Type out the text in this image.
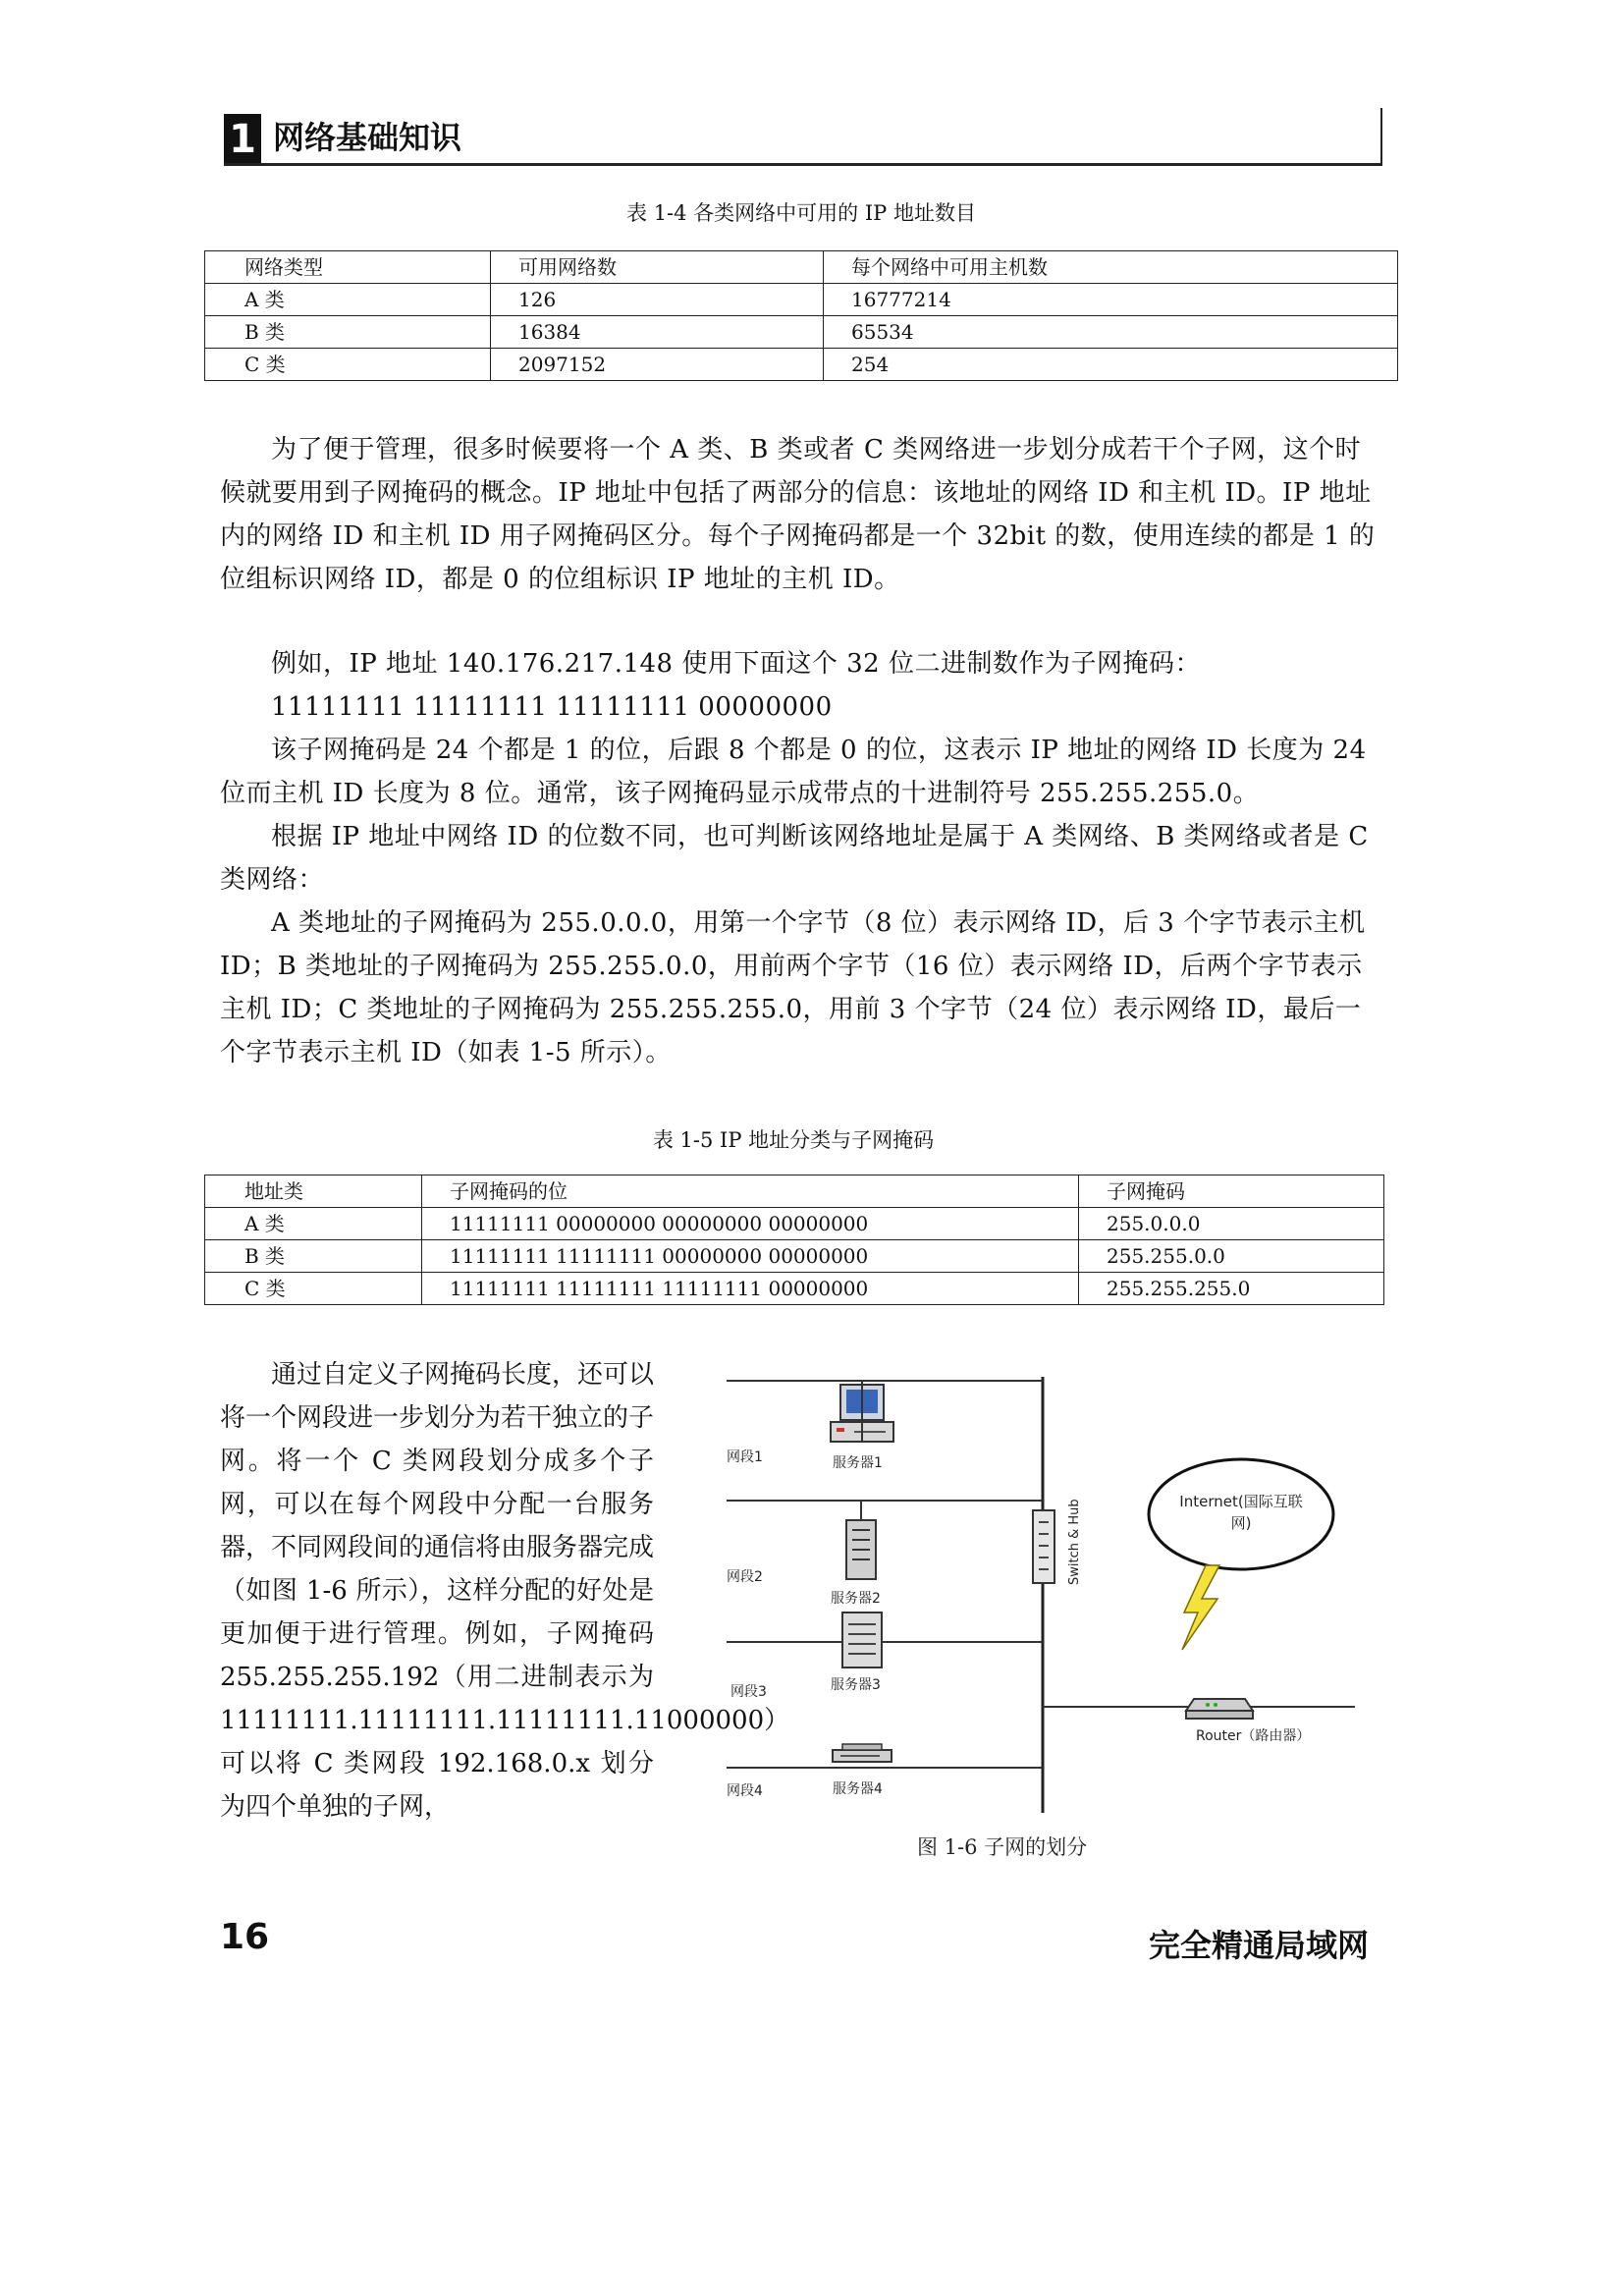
1 网络基础知识
表 1-4 各类网络中可用的 IP 地址数目
网络类型	可用网络数	每个网络中可用主机数
A 类	126	16777214
B 类	16384	65534
C 类	2097152	254

为了便于管理，很多时候要将一个 A 类、B 类或者 C 类网络进一步划分成若干个子网，这个时候就要用到子网掩码的概念。IP 地址中包括了两部分的信息：该地址的网络 ID 和主机 ID。IP 地址内的网络 ID 和主机 ID 用子网掩码区分。每个子网掩码都是一个 32bit 的数，使用连续的都是 1 的位组标识网络 ID，都是 0 的位组标识 IP 地址的主机 ID。

例如，IP 地址 140.176.217.148 使用下面这个 32 位二进制数作为子网掩码：

11111111 11111111 11111111 00000000

该子网掩码是 24 个都是 1 的位，后跟 8 个都是 0 的位，这表示 IP 地址的网络 ID 长度为 24 位而主机 ID 长度为 8 位。通常，该子网掩码显示成带点的十进制符号 255.255.255.0。

根据 IP 地址中网络 ID 的位数不同，也可判断该网络地址是属于 A 类网络、B 类网络或者是 C 类网络：

A 类地址的子网掩码为 255.0.0.0，用第一个字节（8 位）表示网络 ID，后 3 个字节表示主机 ID；B 类地址的子网掩码为 255.255.0.0，用前两个字节（16 位）表示网络 ID，后两个字节表示主机 ID；C 类地址的子网掩码为 255.255.255.0，用前 3 个字节（24 位）表示网络 ID，最后一个字节表示主机 ID（如表 1-5 所示）。

表 1-5 IP 地址分类与子网掩码
地址类	子网掩码的位	子网掩码
A 类	11111111 00000000 00000000 00000000	255.0.0.0
B 类	11111111 11111111 00000000 00000000	255.255.0.0
C 类	11111111 11111111 11111111 00000000	255.255.255.0

通过自定义子网掩码长度，还可以将一个网段进一步划分为若干独立的子网。将一个 C 类网段划分成多个子网，可以在每个网段中分配一台服务器，不同网段间的通信将由服务器完成（如图 1-6 所示），这样分配的好处是更加便于进行管理。例如，子网掩码 255.255.255.192（用二进制表示为 11111111.11111111.11111111.11000000）可以将 C 类网段 192.168.0.x 划分为四个单独的子网，

网段1
网段2
网段3
网段4
服务器1
服务器2
服务器3
服务器4
Switch & Hub	Internet(国际互联
网)
Router（路由器）
图 1-6 子网的划分
16	完全精通局域网
